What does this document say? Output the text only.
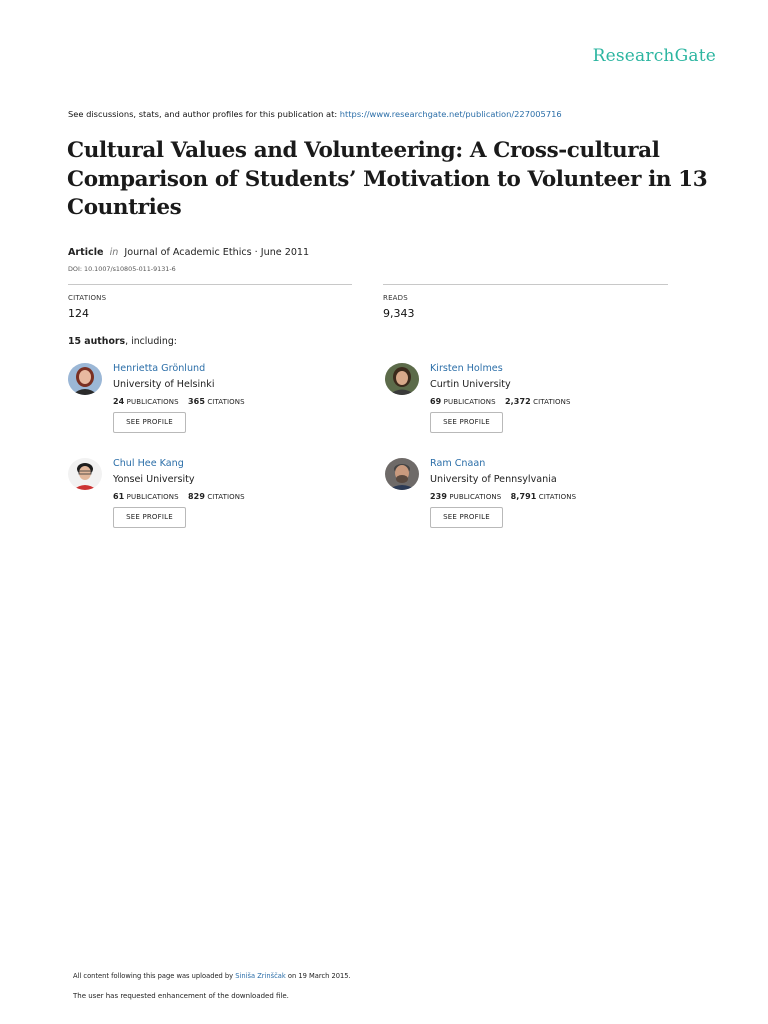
ResearchGate
See discussions, stats, and author profiles for this publication at: https://www.researchgate.net/publication/227005716
Cultural Values and Volunteering: A Cross-cultural Comparison of Students’ Motivation to Volunteer in 13 Countries
Article in Journal of Academic Ethics · June 2011
DOI: 10.1007/s10805-011-9131-6
CITATIONS
124
READS
9,343
15 authors, including:
Henrietta Grönlund
University of Helsinki
24 PUBLICATIONS 365 CITATIONS
SEE PROFILE
Kirsten Holmes
Curtin University
69 PUBLICATIONS 2,372 CITATIONS
SEE PROFILE
Chul Hee Kang
Yonsei University
61 PUBLICATIONS 829 CITATIONS
SEE PROFILE
Ram Cnaan
University of Pennsylvania
239 PUBLICATIONS 8,791 CITATIONS
SEE PROFILE
All content following this page was uploaded by Siniša Zrinščak on 19 March 2015.
The user has requested enhancement of the downloaded file.
